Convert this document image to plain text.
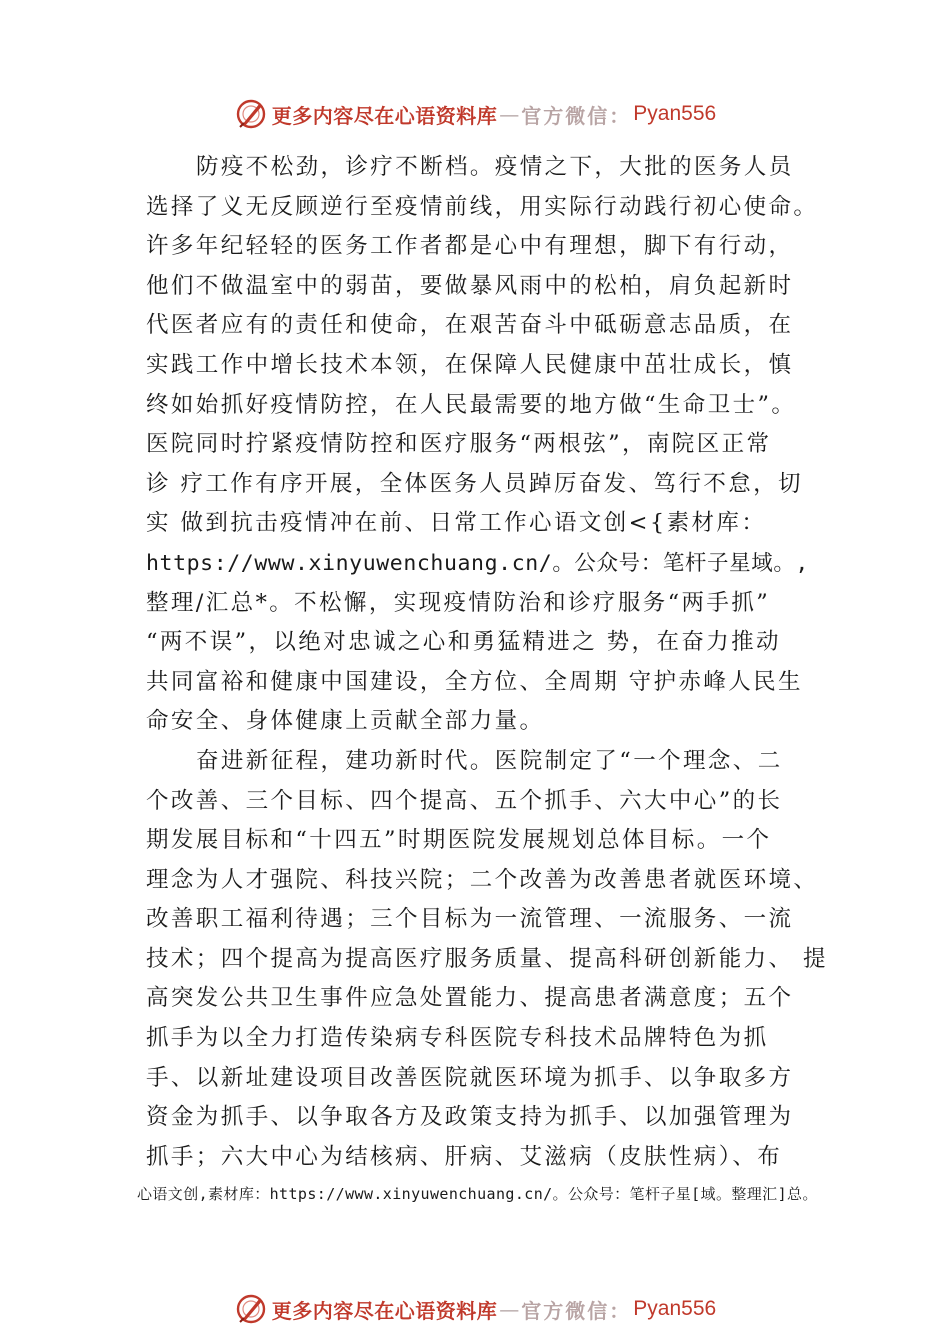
更多内容尽在心语资料库 — 官方微信： Pyan556
防疫不松劲，诊疗不断档。疫情之下，大批的医务人员
选择了义无反顾逆行至疫情前线，用实际行动践行初心使命。
许多年纪轻轻的医务工作者都是心中有理想，脚下有行动，
他们不做温室中的弱苗，要做暴风雨中的松柏，肩负起新时
代医者应有的责任和使命，在艰苦奋斗中砥砺意志品质，在
实践工作中增长技术本领，在保障人民健康中茁壮成长，慎
终如始抓好疫情防控，在人民最需要的地方做“生命卫士”。
医院同时拧紧疫情防控和医疗服务“两根弦”，南院区正常
诊 疗工作有序开展，全体医务人员踔厉奋发、笃行不怠，切
实 做到抗击疫情冲在前、日常工作心语文创<{素材库：
https://www.xinyuwenchuang.cn/。公众号：笔杆子星域。,
整理/汇总*。不松懈，实现疫情防治和诊疗服务“两手抓”
“两不误”，以绝对忠诚之心和勇猛精进之 势，在奋力推动
共同富裕和健康中国建设，全方位、全周期 守护赤峰人民生
命安全、身体健康上贡献全部力量。
奋进新征程，建功新时代。医院制定了“一个理念、二
个改善、三个目标、四个提高、五个抓手、六大中心”的长
期发展目标和“十四五”时期医院发展规划总体目标。一个
理念为人才强院、科技兴院；二个改善为改善患者就医环境、
改善职工福利待遇；三个目标为一流管理、一流服务、一流
技术；四个提高为提高医疗服务质量、提高科研创新能力、 提
高突发公共卫生事件应急处置能力、提高患者满意度；五个
抓手为以全力打造传染病专科医院专科技术品牌特色为抓
手、以新址建设项目改善医院就医环境为抓手、以争取多方
资金为抓手、以争取各方及政策支持为抓手、以加强管理为
抓手；六大中心为结核病、肝病、艾滋病（皮肤性病）、布
心语文创,素材库：https://www.xinyuwenchuang.cn/。公众号：笔杆子星[域。整理汇]总。
更多内容尽在心语资料库 — 官方微信： Pyan556
